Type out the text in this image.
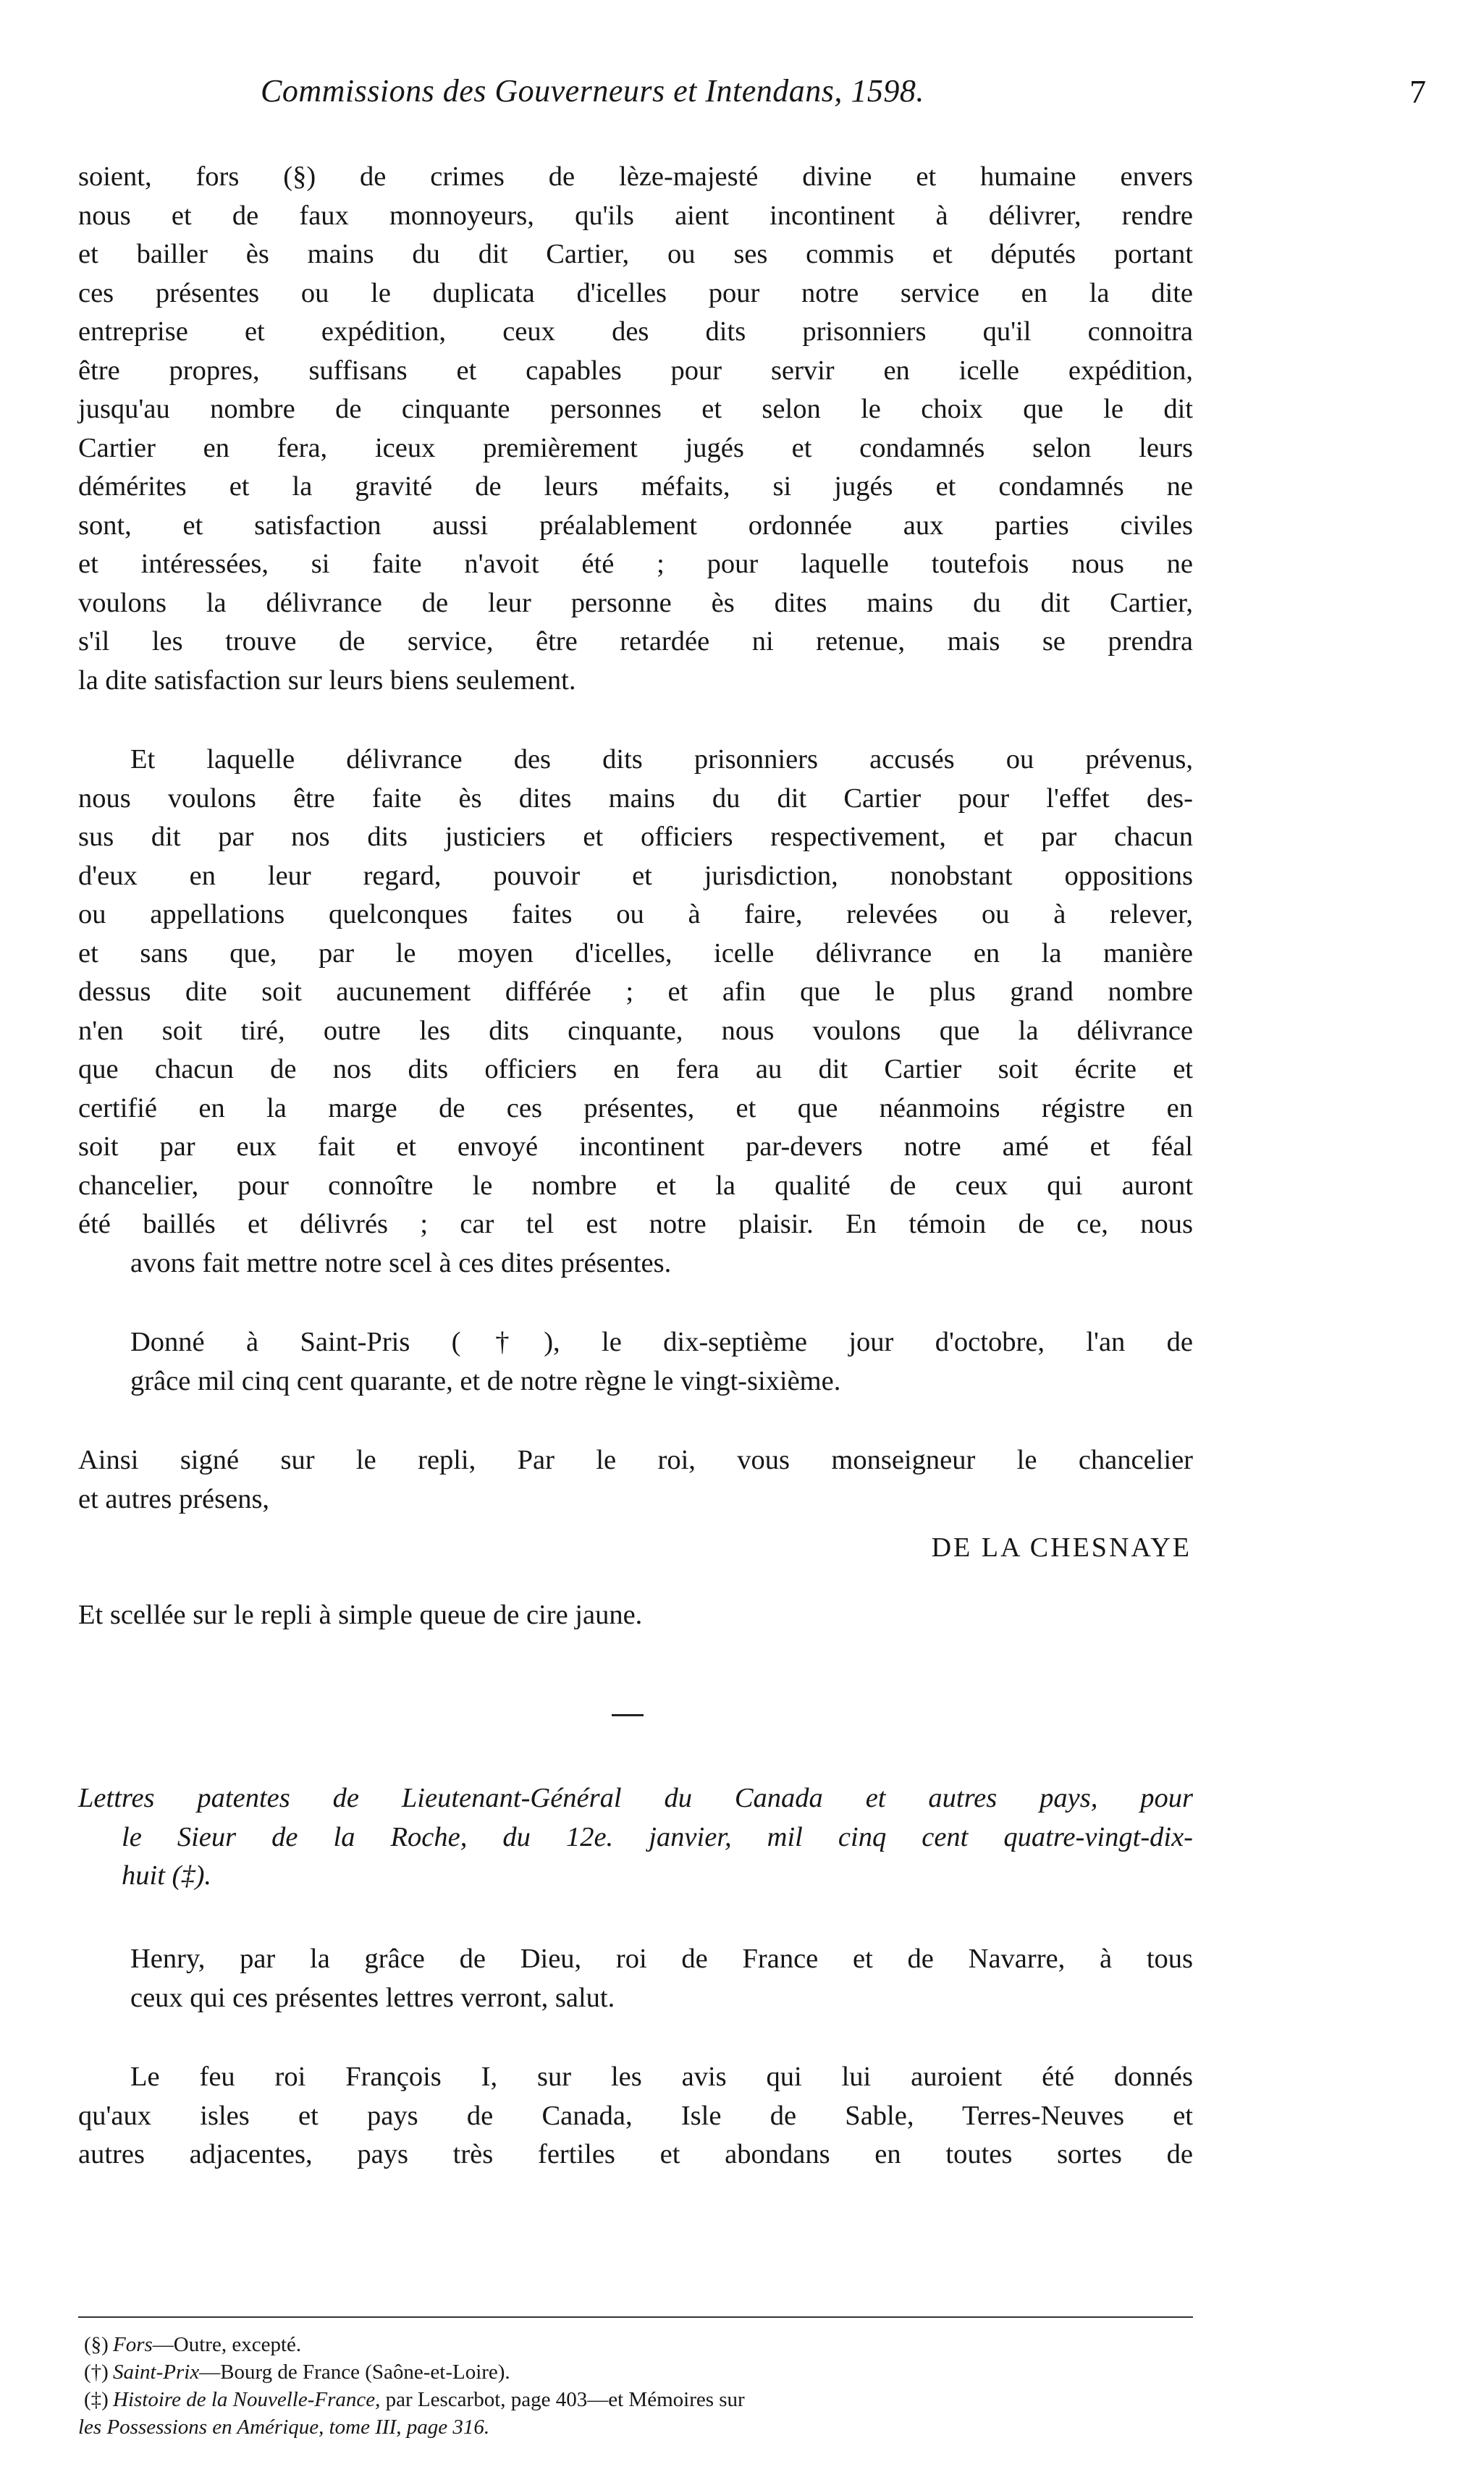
Commissions des Gouverneurs et Intendans, 1598.	7

soient, fors (§) de crimes de lèze-majesté divine et humaine envers
nous et de faux monnoyeurs, qu'ils aient incontinent à délivrer, rendre
et bailler ès mains du dit Cartier, ou ses commis et députés portant
ces présentes ou le duplicata d'icelles pour notre service en la dite
entreprise et expédition, ceux des dits prisonniers qu'il connoitra
être propres, suffisans et capables pour servir en icelle expédition,
jusqu'au nombre de cinquante personnes et selon le choix que le dit
Cartier en fera, iceux premièrement jugés et condamnés selon leurs
démérites et la gravité de leurs méfaits, si jugés et condamnés ne
sont, et satisfaction aussi préalablement ordonnée aux parties civiles
et intéressées, si faite n'avoit été ; pour laquelle toutefois nous ne
voulons la délivrance de leur personne ès dites mains du dit Cartier,
s'il les trouve de service, être retardée ni retenue, mais se prendra
la dite satisfaction sur leurs biens seulement.

Et laquelle délivrance des dits prisonniers accusés ou prévenus,
nous voulons être faite ès dites mains du dit Cartier pour l'effet des-
sus dit par nos dits justiciers et officiers respectivement, et par chacun
d'eux en leur regard, pouvoir et jurisdiction, nonobstant oppositions
ou appellations quelconques faites ou à faire, relevées ou à relever,
et sans que, par le moyen d'icelles, icelle délivrance en la manière
dessus dite soit aucunement différée ; et afin que le plus grand nombre
n'en soit tiré, outre les dits cinquante, nous voulons que la délivrance
que chacun de nos dits officiers en fera au dit Cartier soit écrite et
certifié en la marge de ces présentes, et que néanmoins régistre en
soit par eux fait et envoyé incontinent par-devers notre amé et féal
chancelier, pour connoître le nombre et la qualité de ceux qui auront
été baillés et délivrés ; car tel est notre plaisir. En témoin de ce, nous
avons fait mettre notre scel à ces dites présentes.

Donné à Saint-Pris (†), le dix-septième jour d'octobre, l'an de
grâce mil cinq cent quarante, et de notre règne le vingt-sixième.

Ainsi signé sur le repli, Par le roi, vous monseigneur le chancelier
et autres présens,

DE LA CHESNAYE

Et scellée sur le repli à simple queue de cire jaune.

Lettres patentes de Lieutenant-Général du Canada et autres pays, pour
le Sieur de la Roche, du 12e. janvier, mil cinq cent quatre-vingt-dix-
huit (‡).

Henry, par la grâce de Dieu, roi de France et de Navarre, à tous
ceux qui ces présentes lettres verront, salut.

Le feu roi François I, sur les avis qui lui auroient été donnés
qu'aux isles et pays de Canada, Isle de Sable, Terres-Neuves et
autres adjacentes, pays très fertiles et abondans en toutes sortes de

(§) Fors—Outre, excepté.

(†) Saint-Prix—Bourg de France (Saône-et-Loire).

(‡) Histoire de la Nouvelle-France, par Lescarbot, page 403—et Mémoires sur
les Possessions en Amérique, tome III, page 316.
